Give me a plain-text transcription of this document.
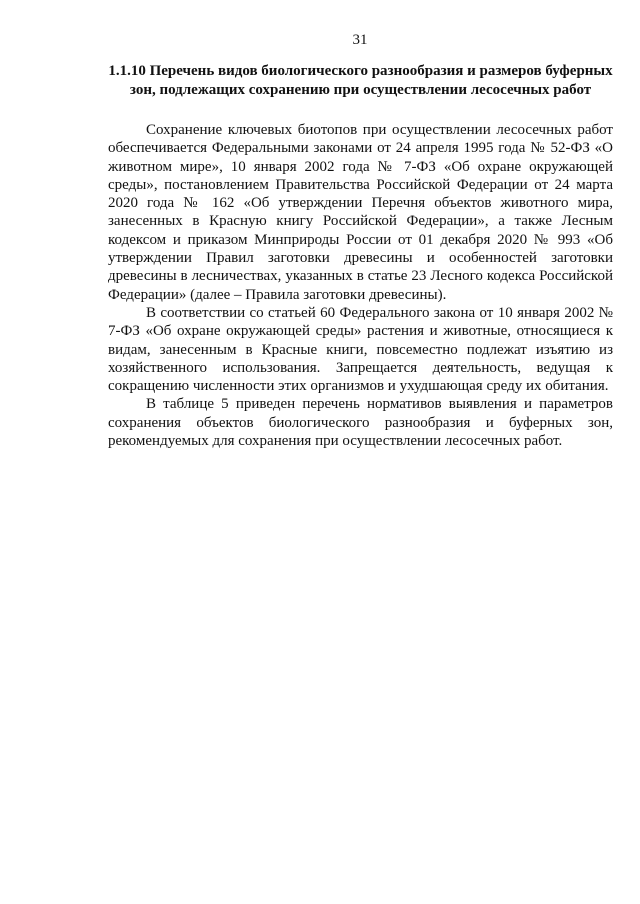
31
1.1.10 Перечень видов биологического разнообразия и размеров буферных зон, подлежащих сохранению при осуществлении лесосечных работ

Сохранение ключевых биотопов при осуществлении лесосечных работ обеспечивается Федеральными законами от 24 апреля 1995 года № 52-ФЗ «О животном мире», 10 января 2002 года № 7-ФЗ «Об охране окружающей среды», постановлением Правительства Российской Федерации от 24 марта 2020 года № 162 «Об утверждении Перечня объектов животного мира, занесенных в Красную книгу Российской Федерации», а также Лесным кодексом и приказом Минприроды России от 01 декабря 2020 № 993 «Об утверждении Правил заготовки древесины и особенностей заготовки древесины в лесничествах, указанных в статье 23 Лесного кодекса Российской Федерации» (далее – Правила заготовки древесины).

В соответствии со статьей 60 Федерального закона от 10 января 2002 № 7-ФЗ «Об охране окружающей среды» растения и животные, относящиеся к видам, занесенным в Красные книги, повсеместно подлежат изъятию из хозяйственного использования. Запрещается деятельность, ведущая к сокращению численности этих организмов и ухудшающая среду их обитания.

В таблице 5 приведен перечень нормативов выявления и параметров сохранения объектов биологического разнообразия и буферных зон, рекомендуемых для сохранения при осуществлении лесосечных работ.
